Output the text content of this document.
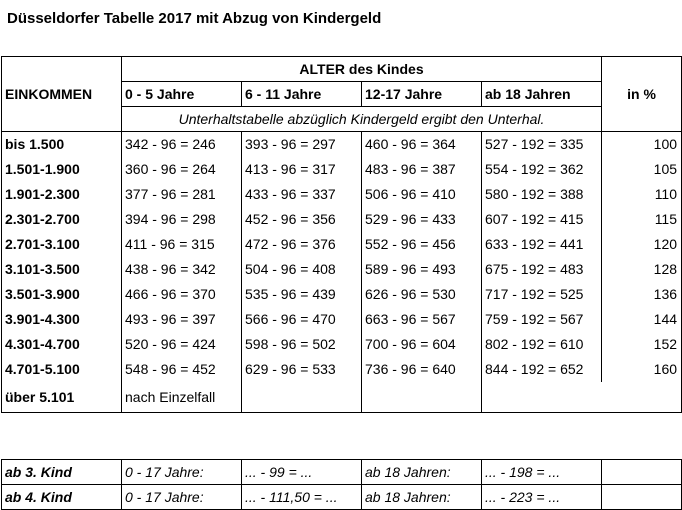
Düsseldorfer Tabelle 2017 mit Abzug von Kindergeld
	ALTER des Kindes				
EINKOMMEN	0 - 5 Jahre	6 - 11 Jahre	12-17 Jahre	ab 18 Jahren	in %
	Unterhaltstabelle abzüglich Kindergeld ergibt den Unterhal.				
bis 1.500	342 - 96 = 246	393 - 96 = 297	460 - 96 = 364	527 - 192 = 335	100
1.501-1.900	360 - 96 = 264	413 - 96 = 317	483 - 96 = 387	554 - 192 = 362	105
1.901-2.300	377 - 96 = 281	433 - 96 = 337	506 - 96 = 410	580 - 192 = 388	110
2.301-2.700	394 - 96 = 298	452 - 96 = 356	529 - 96 = 433	607 - 192 = 415	115
2.701-3.100	411 - 96 = 315	472 - 96 = 376	552 - 96 = 456	633 - 192 = 441	120
3.101-3.500	438 - 96 = 342	504 - 96 = 408	589 - 96 = 493	675 - 192 = 483	128
3.501-3.900	466 - 96 = 370	535 - 96 = 439	626 - 96 = 530	717 - 192 = 525	136
3.901-4.300	493 - 96 = 397	566 - 96 = 470	663 - 96 = 567	759 - 192 = 567	144
4.301-4.700	520 - 96 = 424	598 - 96 = 502	700 - 96 = 604	802 - 192 = 610	152
4.701-5.100	548 - 96 = 452	629 - 96 = 533	736 - 96 = 640	844 - 192 = 652	160
über 5.101	nach Einzelfall				
ab 3. Kind	0 - 17 Jahre:	... - 99 = ...	ab 18 Jahren:	... - 198 = ...	
ab 4. Kind	0 - 17 Jahre:	... - 111,50 = ...	ab 18 Jahren:	... - 223 = ...	
